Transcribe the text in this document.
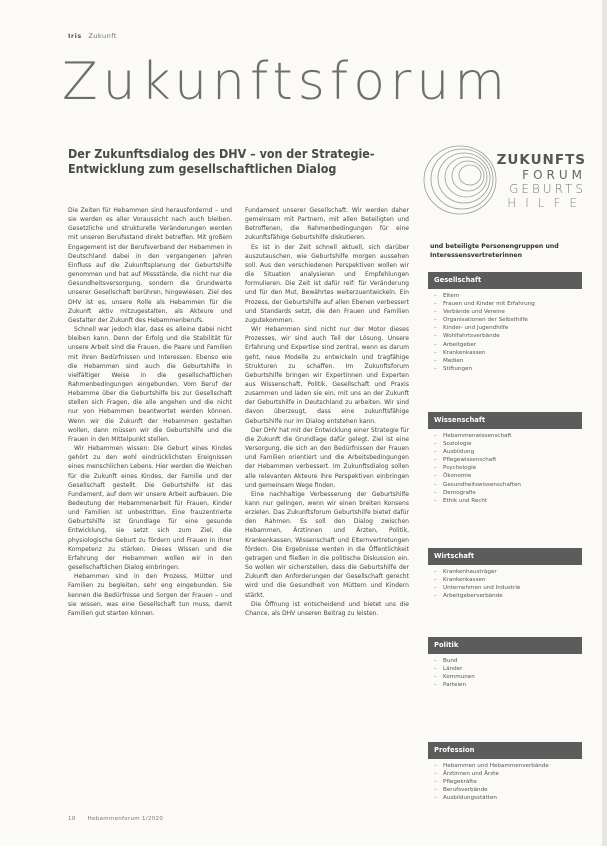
Iris Zukunft
Zukunftsforum
Der Zukunftsdialog des DHV – von der Strategie-Entwicklung zum gesellschaftlichen Dialog
ZUKUNFTS
FORUM
GEBURTS
HILFE

Die Zeiten für Hebammen sind herausfordernd – und sie werden es aller Voraussicht nach auch bleiben. Gesetzliche und strukturelle Veränderungen werden mit unseren Berufsstand direkt betreffen. Mit großem Engagement ist der Berufsverband der Hebammen in Deutschland dabei in den vergangenen Jahren Einfluss auf die Zukunftsplanung der Geburtshilfe genommen und hat auf Missstände, die nicht nur die Gesundheitsversorgung, sondern die Grundwerte unserer Gesellschaft berühren, hingewiesen. Ziel des DHV ist es, unsere Rolle als Hebammen für die Zukunft aktiv mitzugestalten, als Akteure und Gestalter der Zukunft des Hebammenberufs.

Schnell war jedoch klar, dass es alleine dabei nicht bleiben kann. Denn der Erfolg und die Stabilität für unsere Arbeit sind die Frauen, die Paare und Familien mit ihren Bedürfnissen und Interessen. Ebenso wie die Hebammen sind auch die Geburtshilfe in vielfältiger Weise in die gesellschaftlichen Rahmenbedingungen eingebunden. Vom Beruf der Hebamme über die Geburtshilfe bis zur Gesellschaft stellen sich Fragen, die alle angehen und die nicht nur von Hebammen beantwortet werden können. Wenn wir die Zukunft der Hebammen gestalten wollen, dann müssen wir die Geburtshilfe und die Frauen in den Mittelpunkt stellen.

Wir Hebammen wissen: Die Geburt eines Kindes gehört zu den wohl eindrücklichsten Ereignissen eines menschlichen Lebens. Hier werden die Weichen für die Zukunft eines Kindes, der Familie und der Gesellschaft gestellt. Die Geburtshilfe ist das Fundament, auf dem wir unsere Arbeit aufbauen. Die Bedeutung der Hebammenarbeit für Frauen, Kinder und Familien ist unbestritten. Eine frauzentrierte Geburtshilfe ist Grundlage für eine gesunde Entwicklung, sie setzt sich zum Ziel, die physiologische Geburt zu fördern und Frauen in ihrer Kompetenz zu stärken. Dieses Wissen und die Erfahrung der Hebammen wollen wir in den gesellschaftlichen Dialog einbringen.

Hebammen sind in den Prozess, Mütter und Familien zu begleiten, sehr eng eingebunden. Sie kennen die Bedürfnisse und Sorgen der Frauen – und sie wissen, was eine Gesellschaft tun muss, damit Familien gut starten können.

Fundament unserer Gesellschaft. Wir werden daher gemeinsam mit Partnern, mit allen Beteiligten und Betroffenen, die Rahmenbedingungen für eine zukunftsfähige Geburtshilfe diskutieren.

Es ist in der Zeit schnell aktuell, sich darüber auszutauschen, wie Geburtshilfe morgen aussehen soll. Aus den verschiedenen Perspektiven wollen wir die Situation analysieren und Empfehlungen formulieren. Die Zeit ist dafür reif: für Veränderung und für den Mut, Bewährtes weiterzuentwickeln. Ein Prozess, der Geburtshilfe auf allen Ebenen verbessert und Standards setzt, die den Frauen und Familien zugutekommen.

Wir Hebammen sind nicht nur der Motor dieses Prozesses, wir sind auch Teil der Lösung. Unsere Erfahrung und Expertise sind zentral, wenn es darum geht, neue Modelle zu entwickeln und tragfähige Strukturen zu schaffen. Im Zukunftsforum Geburtshilfe bringen wir Expertinnen und Experten aus Wissenschaft, Politik, Gesellschaft und Praxis zusammen und laden sie ein, mit uns an der Zukunft der Geburtshilfe in Deutschland zu arbeiten. Wir sind davon überzeugt, dass eine zukunftsfähige Geburtshilfe nur im Dialog entstehen kann.

Der DHV hat mit der Entwicklung einer Strategie für die Zukunft die Grundlage dafür gelegt. Ziel ist eine Versorgung, die sich an den Bedürfnissen der Frauen und Familien orientiert und die Arbeitsbedingungen der Hebammen verbessert. Im Zukunftsdialog sollen alle relevanten Akteure ihre Perspektiven einbringen und gemeinsam Wege finden.

Eine nachhaltige Verbesserung der Geburtshilfe kann nur gelingen, wenn wir einen breiten Konsens erzielen. Das Zukunftsforum Geburtshilfe bietet dafür den Rahmen. Es soll den Dialog zwischen Hebammen, Ärztinnen und Ärzten, Politik, Krankenkassen, Wissenschaft und Elternvertretungen fördern. Die Ergebnisse werden in die Öffentlichkeit getragen und fließen in die politische Diskussion ein. So wollen wir sicherstellen, dass die Geburtshilfe der Zukunft den Anforderungen der Gesellschaft gerecht wird und die Gesundheit von Müttern und Kindern stärkt.

Die Öffnung ist entscheidend und bietet uns die Chance, als DHV unseren Beitrag zu leisten.

und beteiligte Personengruppen und Interessensvertreterinnen
Gesellschaft
– Eltern
– Frauen und Kinder mit Erfahrung
– Verbände und Vereine
– Organisationen der Selbsthilfe
– Kinder- und Jugendhilfe
– Wohlfahrtsverbände
– Arbeitgeber
– Krankenkassen
– Medien
– Stiftungen
Wissenschaft
– Hebammenwissenschaft
– Soziologie
– Ausbildung
– Pflegewissenschaft
– Psychologie
– Ökonomie
– Gesundheitswissenschaften
– Demografie
– Ethik und Recht
Wirtschaft
– Krankenhausträger
– Krankenkassen
– Unternehmen und Industrie
– Arbeitgeberverbände
Politik
– Bund
– Länder
– Kommunen
– Parteien
Profession
– Hebammen und Hebammenverbände
– Ärztinnen und Ärzte
– Pflegekräfte
– Berufsverbände
– Ausbildungsstätten
10 Hebammenforum 1/2020
